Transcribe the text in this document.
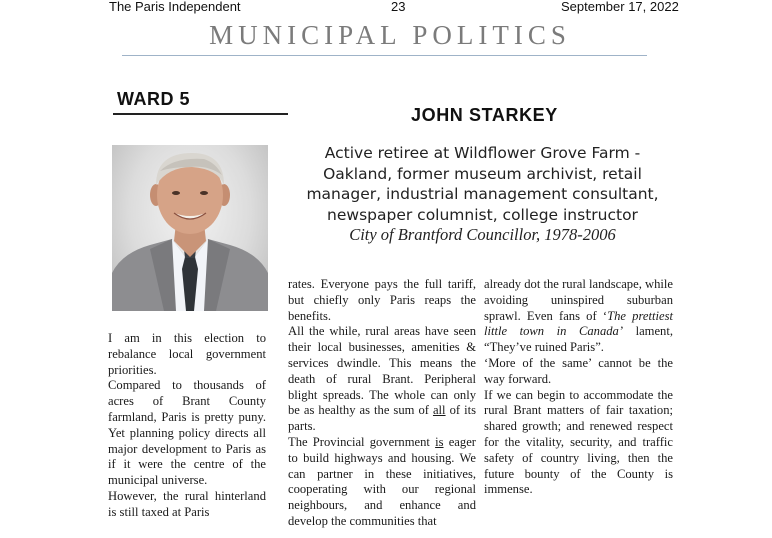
The Paris Independent	23	September 17, 2022
MUNICIPAL POLITICS
WARD 5
JOHN STARKEY
Active retiree at Wildflower Grove Farm -
Oakland, former museum archivist, retail
manager, industrial management consultant,
newspaper columnist, college instructor
City of Brantford Councillor, 1978-2006

I am in this election to rebalance local government priorities.

Compared to thousands of acres of Brant County farmland, Paris is pretty puny. Yet planning policy directs all major development to Paris as if it were the centre of the municipal universe.

However, the rural hinterland is still taxed at Paris

rates. Everyone pays the full tariff, but chiefly only Paris reaps the benefits.

All the while, rural areas have seen their local businesses, amenities & services dwindle. This means the death of rural Brant. Peripheral blight spreads. The whole can only be as healthy as the sum of all of its parts.

The Provincial government is eager to build highways and housing. We can partner in these initiatives, cooperating with our regional neighbours, and enhance and develop the communities that

already dot the rural landscape, while avoiding uninspired suburban sprawl. Even fans of ‘The prettiest little town in Canada’ lament, “They’ve ruined Paris”.

‘More of the same’ cannot be the way forward.

If we can begin to accommodate the rural Brant matters of fair taxation; shared growth; and renewed respect for the vitality, security, and traffic safety of country living, then the future bounty of the County is immense.
